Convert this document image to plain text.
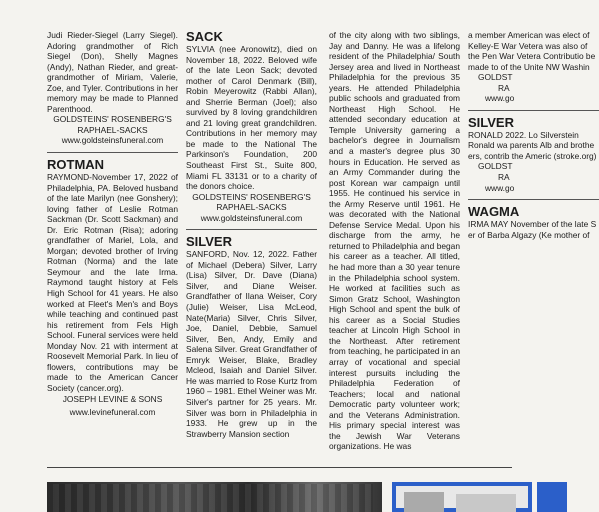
Judi Rieder-Siegel (Larry Siegel). Adoring grandmother of Rich Siegel (Don), Shelly Magnes (Andy), Nathan Rieder, and great-grandmother of Miriam, Valerie, Zoe, and Tyler. Contributions in her memory may be made to Planned Parenthood.

GOLDSTEINS' ROSENBERG'S

RAPHAEL-SACKS

www.goldsteinsfuneral.com

ROTMAN

RAYMOND-November 17, 2022 of Philadelphia, PA. Beloved husband of the late Marilyn (nee Gonshery); loving father of Leslie Rotman Sackman (Dr. Scott Sackman) and Dr. Eric Rotman (Risa); adoring grandfather of Mariel, Lola, and Morgan; devoted brother of Irving Rotman (Norma) and the late Seymour and the late Irma. Raymond taught history at Fels High School for 41 years. He also worked at Fleet's Men's and Boys while teaching and continued past his retirement from Fels High School. Funeral services were held Monday Nov. 21 with interment at Roosevelt Memorial Park. In lieu of flowers, contributions may be made to the American Cancer Society (cancer.org).

JOSEPH LEVINE & SONS

www.levinefuneral.com

SACK

SYLVIA (nee Aronowitz), died on November 18, 2022. Beloved wife of the late Leon Sack; devoted mother of Carol Denmark (Bill), Robin Meyerowitz (Rabbi Allan), and Sherrie Berman (Joel); also survived by 8 loving grandchildren and 21 loving great grandchildren. Contributions in her memory may be made to the National The Parkinson's Foundation, 200 Southeast First St., Suite 800, Miami FL 33131 or to a charity of the donors choice.

GOLDSTEINS' ROSENBERG'S

RAPHAEL-SACKS

www.goldsteinsfuneral.com

SILVER

SANFORD, Nov. 12, 2022. Father of Michael (Debera) Silver, Larry (Lisa) Silver, Dr. Dave (Diana) Silver, and Diane Weiser. Grandfather of Ilana Weiser, Cory (Julie) Weiser, Lisa McLeod, Nate(Maria) Silver, Chris Silver, Joe, Daniel, Debbie, Samuel Silver, Ben, Andy, Emily and Salena Silver. Great Grandfather of Emryk Weiser, Blake, Bradley Mcleod, Isaiah and Daniel Silver. He was married to Rose Kurtz from 1960 – 1981. Ethel Weiner was Mr. Silver's partner for 25 years. Mr. Silver was born in Philadelphia in 1933. He grew up in the Strawberry Mansion section

of the city along with two siblings, Jay and Danny. He was a lifelong resident of the Philadelphia/ South Jersey area and lived in Northeast Philadelphia for the previous 35 years. He attended Philadelphia public schools and graduated from Northeast High School. He attended secondary education at Temple University garnering a bachelor's degree in Journalism and a master's degree plus 30 hours in Education. He served as an Army Commander during the post Korean war campaign until 1955. He continued his service in the Army Reserve until 1961. He was decorated with the National Defense Service Medal. Upon his discharge from the army, he returned to Philadelphia and began his career as a teacher. All titled, he had more than a 30 year tenure in the Philadelphia school system. He worked at facilities such as Simon Gratz School, Washington High School and spent the bulk of his career as a Social Studies teacher at Lincoln High School in the Northeast. After retirement from teaching, he participated in an array of vocational and special interest pursuits including the Philadelphia Federation of Teachers; local and national Democratic party volunteer work; and the Veterans Administration. His primary special interest was the Jewish War Veterans organizations. He was

a member American was elect of Kelley-E War Vetera was also of the Pen War Vetera Contributio be made to of the Unite NW Washin

GOLDST

RA

www.go

SILVER

RONALD 2022. Lo Silverstein Ronald wa parents Alb and brothe ers, contrib the Americ (stroke.org)

GOLDST

RA

www.go

WAGMA

IRMA MAY November of the late S er of Barba Algazy (Ke mother of
